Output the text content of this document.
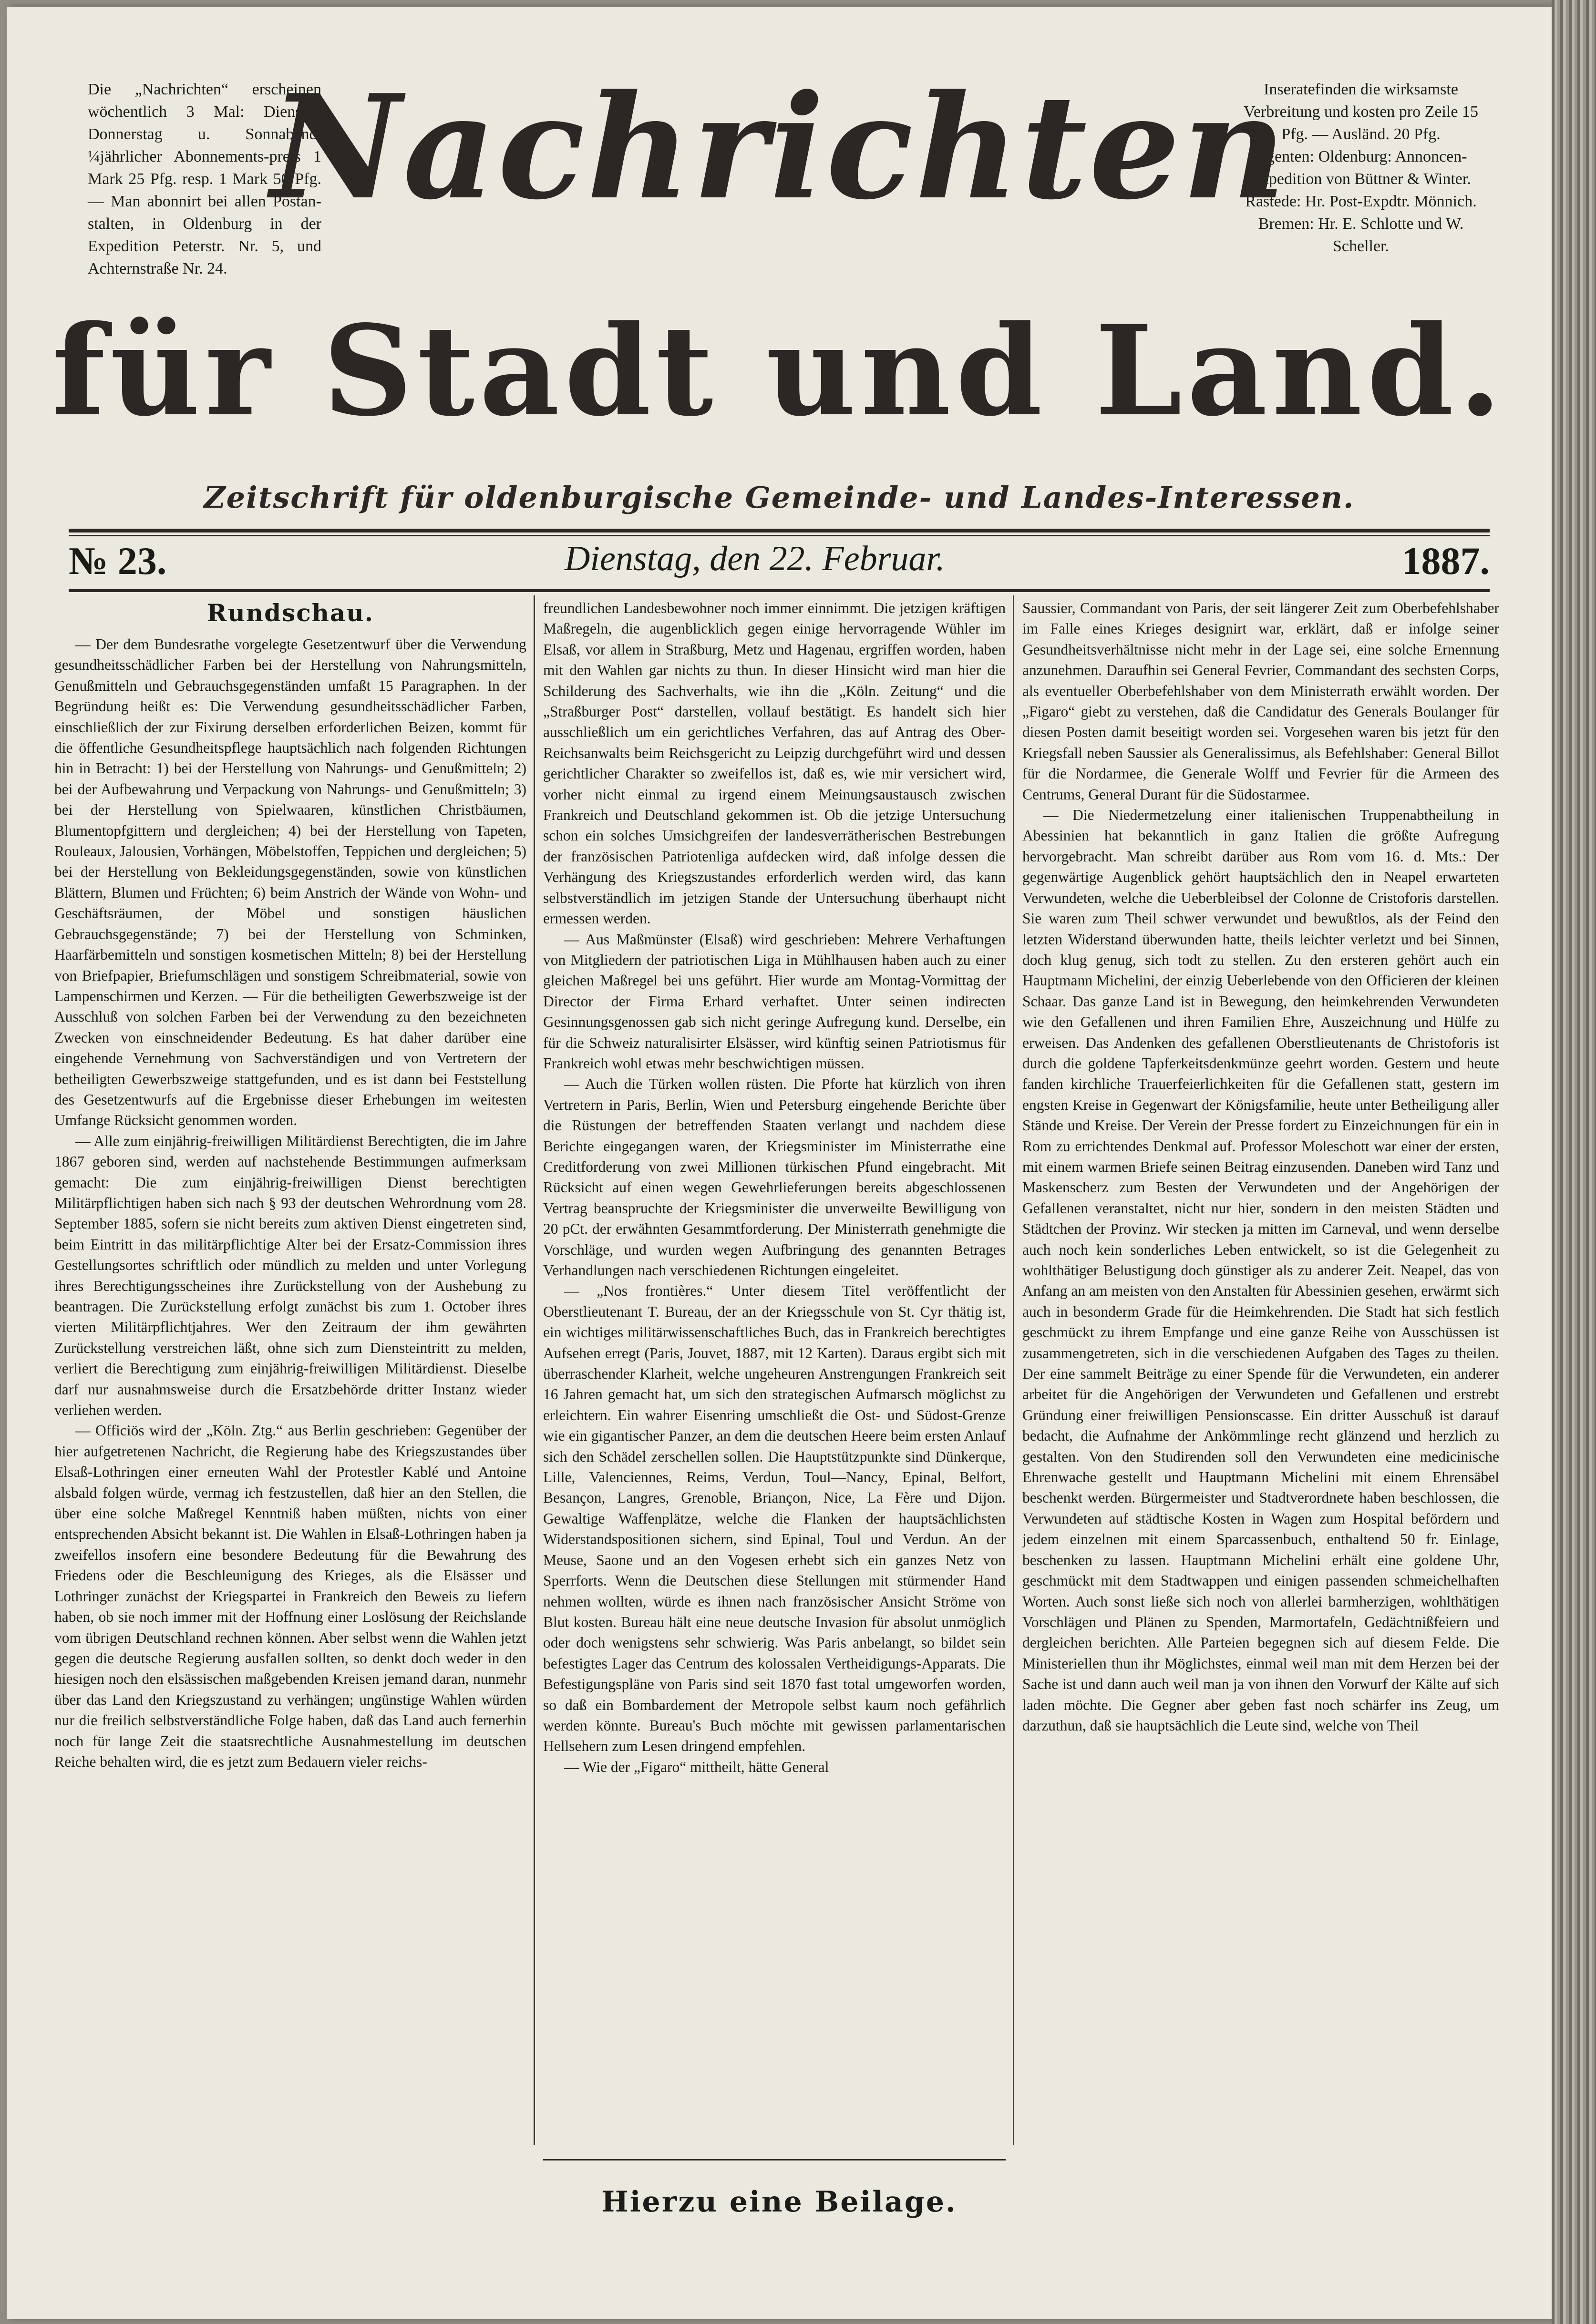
Die „Nachrichten“ erscheinen wöchentlich 3 Mal: Dienstag Donnerstag u. Sonnabend. ¼jährlicher Abonnements-preis 1 Mark 25 Pfg. resp. 1 Mark 50 Pfg. — Man abonnirt bei allen Postan-stalten, in Oldenburg in der Expedition Peterstr. Nr. 5, und Achternstraße Nr. 24.
Inseratefinden die wirksamste Verbreitung und kosten pro Zeile 15 Pfg. — Ausländ. 20 Pfg.
Agenten: Oldenburg: Annoncen-Expedition von Büttner & Winter. Rastede: Hr. Post-Expdtr. Mönnich. Bremen: Hr. E. Schlotte und W. Scheller.
Nachrichten
für Stadt und Land.
Zeitschrift für oldenburgische Gemeinde- und Landes-Interessen.
№ 23.	Dienstag, den 22. Februar.	1887.
Rundschau.

— Der dem Bundesrathe vorgelegte Gesetzentwurf über die Verwendung gesundheitsschädlicher Farben bei der Herstellung von Nahrungsmitteln, Genußmitteln und Gebrauchsgegenständen umfaßt 15 Paragraphen. In der Begründung heißt es: Die Verwendung gesundheitsschädlicher Farben, einschließlich der zur Fixirung derselben erforderlichen Beizen, kommt für die öffentliche Gesundheitspflege hauptsächlich nach folgenden Richtungen hin in Betracht: 1) bei der Herstellung von Nahrungs- und Genußmitteln; 2) bei der Aufbewahrung und Verpackung von Nahrungs- und Genußmitteln; 3) bei der Herstellung von Spielwaaren, künstlichen Christbäumen, Blumentopfgittern und dergleichen; 4) bei der Herstellung von Tapeten, Rouleaux, Jalousien, Vorhängen, Möbelstoffen, Teppichen und dergleichen; 5) bei der Herstellung von Bekleidungsgegenständen, sowie von künstlichen Blättern, Blumen und Früchten; 6) beim Anstrich der Wände von Wohn- und Geschäftsräumen, der Möbel und sonstigen häuslichen Gebrauchsgegenstände; 7) bei der Herstellung von Schminken, Haarfärbemitteln und sonstigen kosmetischen Mitteln; 8) bei der Herstellung von Briefpapier, Briefumschlägen und sonstigem Schreibmaterial, sowie von Lampenschirmen und Kerzen. — Für die betheiligten Gewerbszweige ist der Ausschluß von solchen Farben bei der Verwendung zu den bezeichneten Zwecken von einschneidender Bedeutung. Es hat daher darüber eine eingehende Vernehmung von Sachverständigen und von Vertretern der betheiligten Gewerbszweige stattgefunden, und es ist dann bei Feststellung des Gesetzentwurfs auf die Ergebnisse dieser Erhebungen im weitesten Umfange Rücksicht genommen worden.

— Alle zum einjährig-freiwilligen Militärdienst Berechtigten, die im Jahre 1867 geboren sind, werden auf nachstehende Bestimmungen aufmerksam gemacht: Die zum einjährig-freiwilligen Dienst berechtigten Militärpflichtigen haben sich nach § 93 der deutschen Wehrordnung vom 28. September 1885, sofern sie nicht bereits zum aktiven Dienst eingetreten sind, beim Eintritt in das militärpflichtige Alter bei der Ersatz-Commission ihres Gestellungsortes schriftlich oder mündlich zu melden und unter Vorlegung ihres Berechtigungsscheines ihre Zurückstellung von der Aushebung zu beantragen. Die Zurückstellung erfolgt zunächst bis zum 1. October ihres vierten Militärpflichtjahres. Wer den Zeitraum der ihm gewährten Zurückstellung verstreichen läßt, ohne sich zum Diensteintritt zu melden, verliert die Berechtigung zum einjährig-freiwilligen Militärdienst. Dieselbe darf nur ausnahmsweise durch die Ersatzbehörde dritter Instanz wieder verliehen werden.

— Officiös wird der „Köln. Ztg.“ aus Berlin geschrieben: Gegenüber der hier aufgetretenen Nachricht, die Regierung habe des Kriegszustandes über Elsaß-Lothringen einer erneuten Wahl der Protestler Kablé und Antoine alsbald folgen würde, vermag ich festzustellen, daß hier an den Stellen, die über eine solche Maßregel Kenntniß haben müßten, nichts von einer entsprechenden Absicht bekannt ist. Die Wahlen in Elsaß-Lothringen haben ja zweifellos insofern eine besondere Bedeutung für die Bewahrung des Friedens oder die Beschleunigung des Krieges, als die Elsässer und Lothringer zunächst der Kriegspartei in Frankreich den Beweis zu liefern haben, ob sie noch immer mit der Hoffnung einer Loslösung der Reichslande vom übrigen Deutschland rechnen können. Aber selbst wenn die Wahlen jetzt gegen die deutsche Regierung ausfallen sollten, so denkt doch weder in den hiesigen noch den elsässischen maßgebenden Kreisen jemand daran, nunmehr über das Land den Kriegszustand zu verhängen; ungünstige Wahlen würden nur die freilich selbstverständliche Folge haben, daß das Land auch fernerhin noch für lange Zeit die staatsrechtliche Ausnahmestellung im deutschen Reiche behalten wird, die es jetzt zum Bedauern vieler reichs-

freundlichen Landesbewohner noch immer einnimmt. Die jetzigen kräftigen Maßregeln, die augenblicklich gegen einige hervorragende Wühler im Elsaß, vor allem in Straßburg, Metz und Hagenau, ergriffen worden, haben mit den Wahlen gar nichts zu thun. In dieser Hinsicht wird man hier die Schilderung des Sachverhalts, wie ihn die „Köln. Zeitung“ und die „Straßburger Post“ darstellen, vollauf bestätigt. Es handelt sich hier ausschließlich um ein gerichtliches Verfahren, das auf Antrag des Ober-Reichsanwalts beim Reichsgericht zu Leipzig durchgeführt wird und dessen gerichtlicher Charakter so zweifellos ist, daß es, wie mir versichert wird, vorher nicht einmal zu irgend einem Meinungsaustausch zwischen Frankreich und Deutschland gekommen ist. Ob die jetzige Untersuchung schon ein solches Umsichgreifen der landesverrätherischen Bestrebungen der französischen Patriotenliga aufdecken wird, daß infolge dessen die Verhängung des Kriegszustandes erforderlich werden wird, das kann selbstverständlich im jetzigen Stande der Untersuchung überhaupt nicht ermessen werden.

— Aus Maßmünster (Elsaß) wird geschrieben: Mehrere Verhaftungen von Mitgliedern der patriotischen Liga in Mühlhausen haben auch zu einer gleichen Maßregel bei uns geführt. Hier wurde am Montag-Vormittag der Director der Firma Erhard verhaftet. Unter seinen indirecten Gesinnungsgenossen gab sich nicht geringe Aufregung kund. Derselbe, ein für die Schweiz naturalisirter Elsässer, wird künftig seinen Patriotismus für Frankreich wohl etwas mehr beschwichtigen müssen.

— Auch die Türken wollen rüsten. Die Pforte hat kürzlich von ihren Vertretern in Paris, Berlin, Wien und Petersburg eingehende Berichte über die Rüstungen der betreffenden Staaten verlangt und nachdem diese Berichte eingegangen waren, der Kriegsminister im Ministerrathe eine Creditforderung von zwei Millionen türkischen Pfund eingebracht. Mit Rücksicht auf einen wegen Gewehrlieferungen bereits abgeschlossenen Vertrag beanspruchte der Kriegsminister die unverweilte Bewilligung von 20 pCt. der erwähnten Gesammtforderung. Der Ministerrath genehmigte die Vorschläge, und wurden wegen Aufbringung des genannten Betrages Verhandlungen nach verschiedenen Richtungen eingeleitet.

— „Nos frontières.“ Unter diesem Titel veröffentlicht der Oberstlieutenant T. Bureau, der an der Kriegsschule von St. Cyr thätig ist, ein wichtiges militärwissenschaftliches Buch, das in Frankreich berechtigtes Aufsehen erregt (Paris, Jouvet, 1887, mit 12 Karten). Daraus ergibt sich mit überraschender Klarheit, welche ungeheuren Anstrengungen Frankreich seit 16 Jahren gemacht hat, um sich den strategischen Aufmarsch möglichst zu erleichtern. Ein wahrer Eisenring umschließt die Ost- und Südost-Grenze wie ein gigantischer Panzer, an dem die deutschen Heere beim ersten Anlauf sich den Schädel zerschellen sollen. Die Hauptstützpunkte sind Dünkerque, Lille, Valenciennes, Reims, Verdun, Toul—Nancy, Epinal, Belfort, Besançon, Langres, Grenoble, Briançon, Nice, La Fère und Dijon. Gewaltige Waffenplätze, welche die Flanken der hauptsächlichsten Widerstandspositionen sichern, sind Epinal, Toul und Verdun. An der Meuse, Saone und an den Vogesen erhebt sich ein ganzes Netz von Sperrforts. Wenn die Deutschen diese Stellungen mit stürmender Hand nehmen wollten, würde es ihnen nach französischer Ansicht Ströme von Blut kosten. Bureau hält eine neue deutsche Invasion für absolut unmöglich oder doch wenigstens sehr schwierig. Was Paris anbelangt, so bildet sein befestigtes Lager das Centrum des kolossalen Vertheidigungs-Apparats. Die Befestigungspläne von Paris sind seit 1870 fast total umgeworfen worden, so daß ein Bombardement der Metropole selbst kaum noch gefährlich werden könnte. Bureau's Buch möchte mit gewissen parlamentarischen Hellsehern zum Lesen dringend empfehlen.

— Wie der „Figaro“ mittheilt, hätte General

Saussier, Commandant von Paris, der seit längerer Zeit zum Oberbefehlshaber im Falle eines Krieges designirt war, erklärt, daß er infolge seiner Gesundheitsverhältnisse nicht mehr in der Lage sei, eine solche Ernennung anzunehmen. Daraufhin sei General Fevrier, Commandant des sechsten Corps, als eventueller Oberbefehlshaber von dem Ministerrath erwählt worden. Der „Figaro“ giebt zu verstehen, daß die Candidatur des Generals Boulanger für diesen Posten damit beseitigt worden sei. Vorgesehen waren bis jetzt für den Kriegsfall neben Saussier als Generalissimus, als Befehlshaber: General Billot für die Nordarmee, die Generale Wolff und Fevrier für die Armeen des Centrums, General Durant für die Südostarmee.

— Die Niedermetzelung einer italienischen Truppenabtheilung in Abessinien hat bekanntlich in ganz Italien die größte Aufregung hervorgebracht. Man schreibt darüber aus Rom vom 16. d. Mts.: Der gegenwärtige Augenblick gehört hauptsächlich den in Neapel erwarteten Verwundeten, welche die Ueberbleibsel der Colonne de Cristoforis darstellen. Sie waren zum Theil schwer verwundet und bewußtlos, als der Feind den letzten Widerstand überwunden hatte, theils leichter verletzt und bei Sinnen, doch klug genug, sich todt zu stellen. Zu den ersteren gehört auch ein Hauptmann Michelini, der einzig Ueberlebende von den Officieren der kleinen Schaar. Das ganze Land ist in Bewegung, den heimkehrenden Verwundeten wie den Gefallenen und ihren Familien Ehre, Auszeichnung und Hülfe zu erweisen. Das Andenken des gefallenen Oberstlieutenants de Christoforis ist durch die goldene Tapferkeitsdenkmünze geehrt worden. Gestern und heute fanden kirchliche Trauerfeierlichkeiten für die Gefallenen statt, gestern im engsten Kreise in Gegenwart der Königsfamilie, heute unter Betheiligung aller Stände und Kreise. Der Verein der Presse fordert zu Einzeichnungen für ein in Rom zu errichtendes Denkmal auf. Professor Moleschott war einer der ersten, mit einem warmen Briefe seinen Beitrag einzusenden. Daneben wird Tanz und Maskenscherz zum Besten der Verwundeten und der Angehörigen der Gefallenen veranstaltet, nicht nur hier, sondern in den meisten Städten und Städtchen der Provinz. Wir stecken ja mitten im Carneval, und wenn derselbe auch noch kein sonderliches Leben entwickelt, so ist die Gelegenheit zu wohlthätiger Belustigung doch günstiger als zu anderer Zeit. Neapel, das von Anfang an am meisten von den Anstalten für Abessinien gesehen, erwärmt sich auch in besonderm Grade für die Heimkehrenden. Die Stadt hat sich festlich geschmückt zu ihrem Empfange und eine ganze Reihe von Ausschüssen ist zusammengetreten, sich in die verschiedenen Aufgaben des Tages zu theilen. Der eine sammelt Beiträge zu einer Spende für die Verwundeten, ein anderer arbeitet für die Angehörigen der Verwundeten und Gefallenen und erstrebt Gründung einer freiwilligen Pensionscasse. Ein dritter Ausschuß ist darauf bedacht, die Aufnahme der Ankömmlinge recht glänzend und herzlich zu gestalten. Von den Studirenden soll den Verwundeten eine medicinische Ehrenwache gestellt und Hauptmann Michelini mit einem Ehrensäbel beschenkt werden. Bürgermeister und Stadtverordnete haben beschlossen, die Verwundeten auf städtische Kosten in Wagen zum Hospital befördern und jedem einzelnen mit einem Sparcassenbuch, enthaltend 50 fr. Einlage, beschenken zu lassen. Hauptmann Michelini erhält eine goldene Uhr, geschmückt mit dem Stadtwappen und einigen passenden schmeichelhaften Worten. Auch sonst ließe sich noch von allerlei barmherzigen, wohlthätigen Vorschlägen und Plänen zu Spenden, Marmortafeln, Gedächtnißfeiern und dergleichen berichten. Alle Parteien begegnen sich auf diesem Felde. Die Ministeriellen thun ihr Möglichstes, einmal weil man mit dem Herzen bei der Sache ist und dann auch weil man ja von ihnen den Vorwurf der Kälte auf sich laden möchte. Die Gegner aber geben fast noch schärfer ins Zeug, um darzuthun, daß sie hauptsächlich die Leute sind, welche von Theil

Hierzu eine Beilage.
